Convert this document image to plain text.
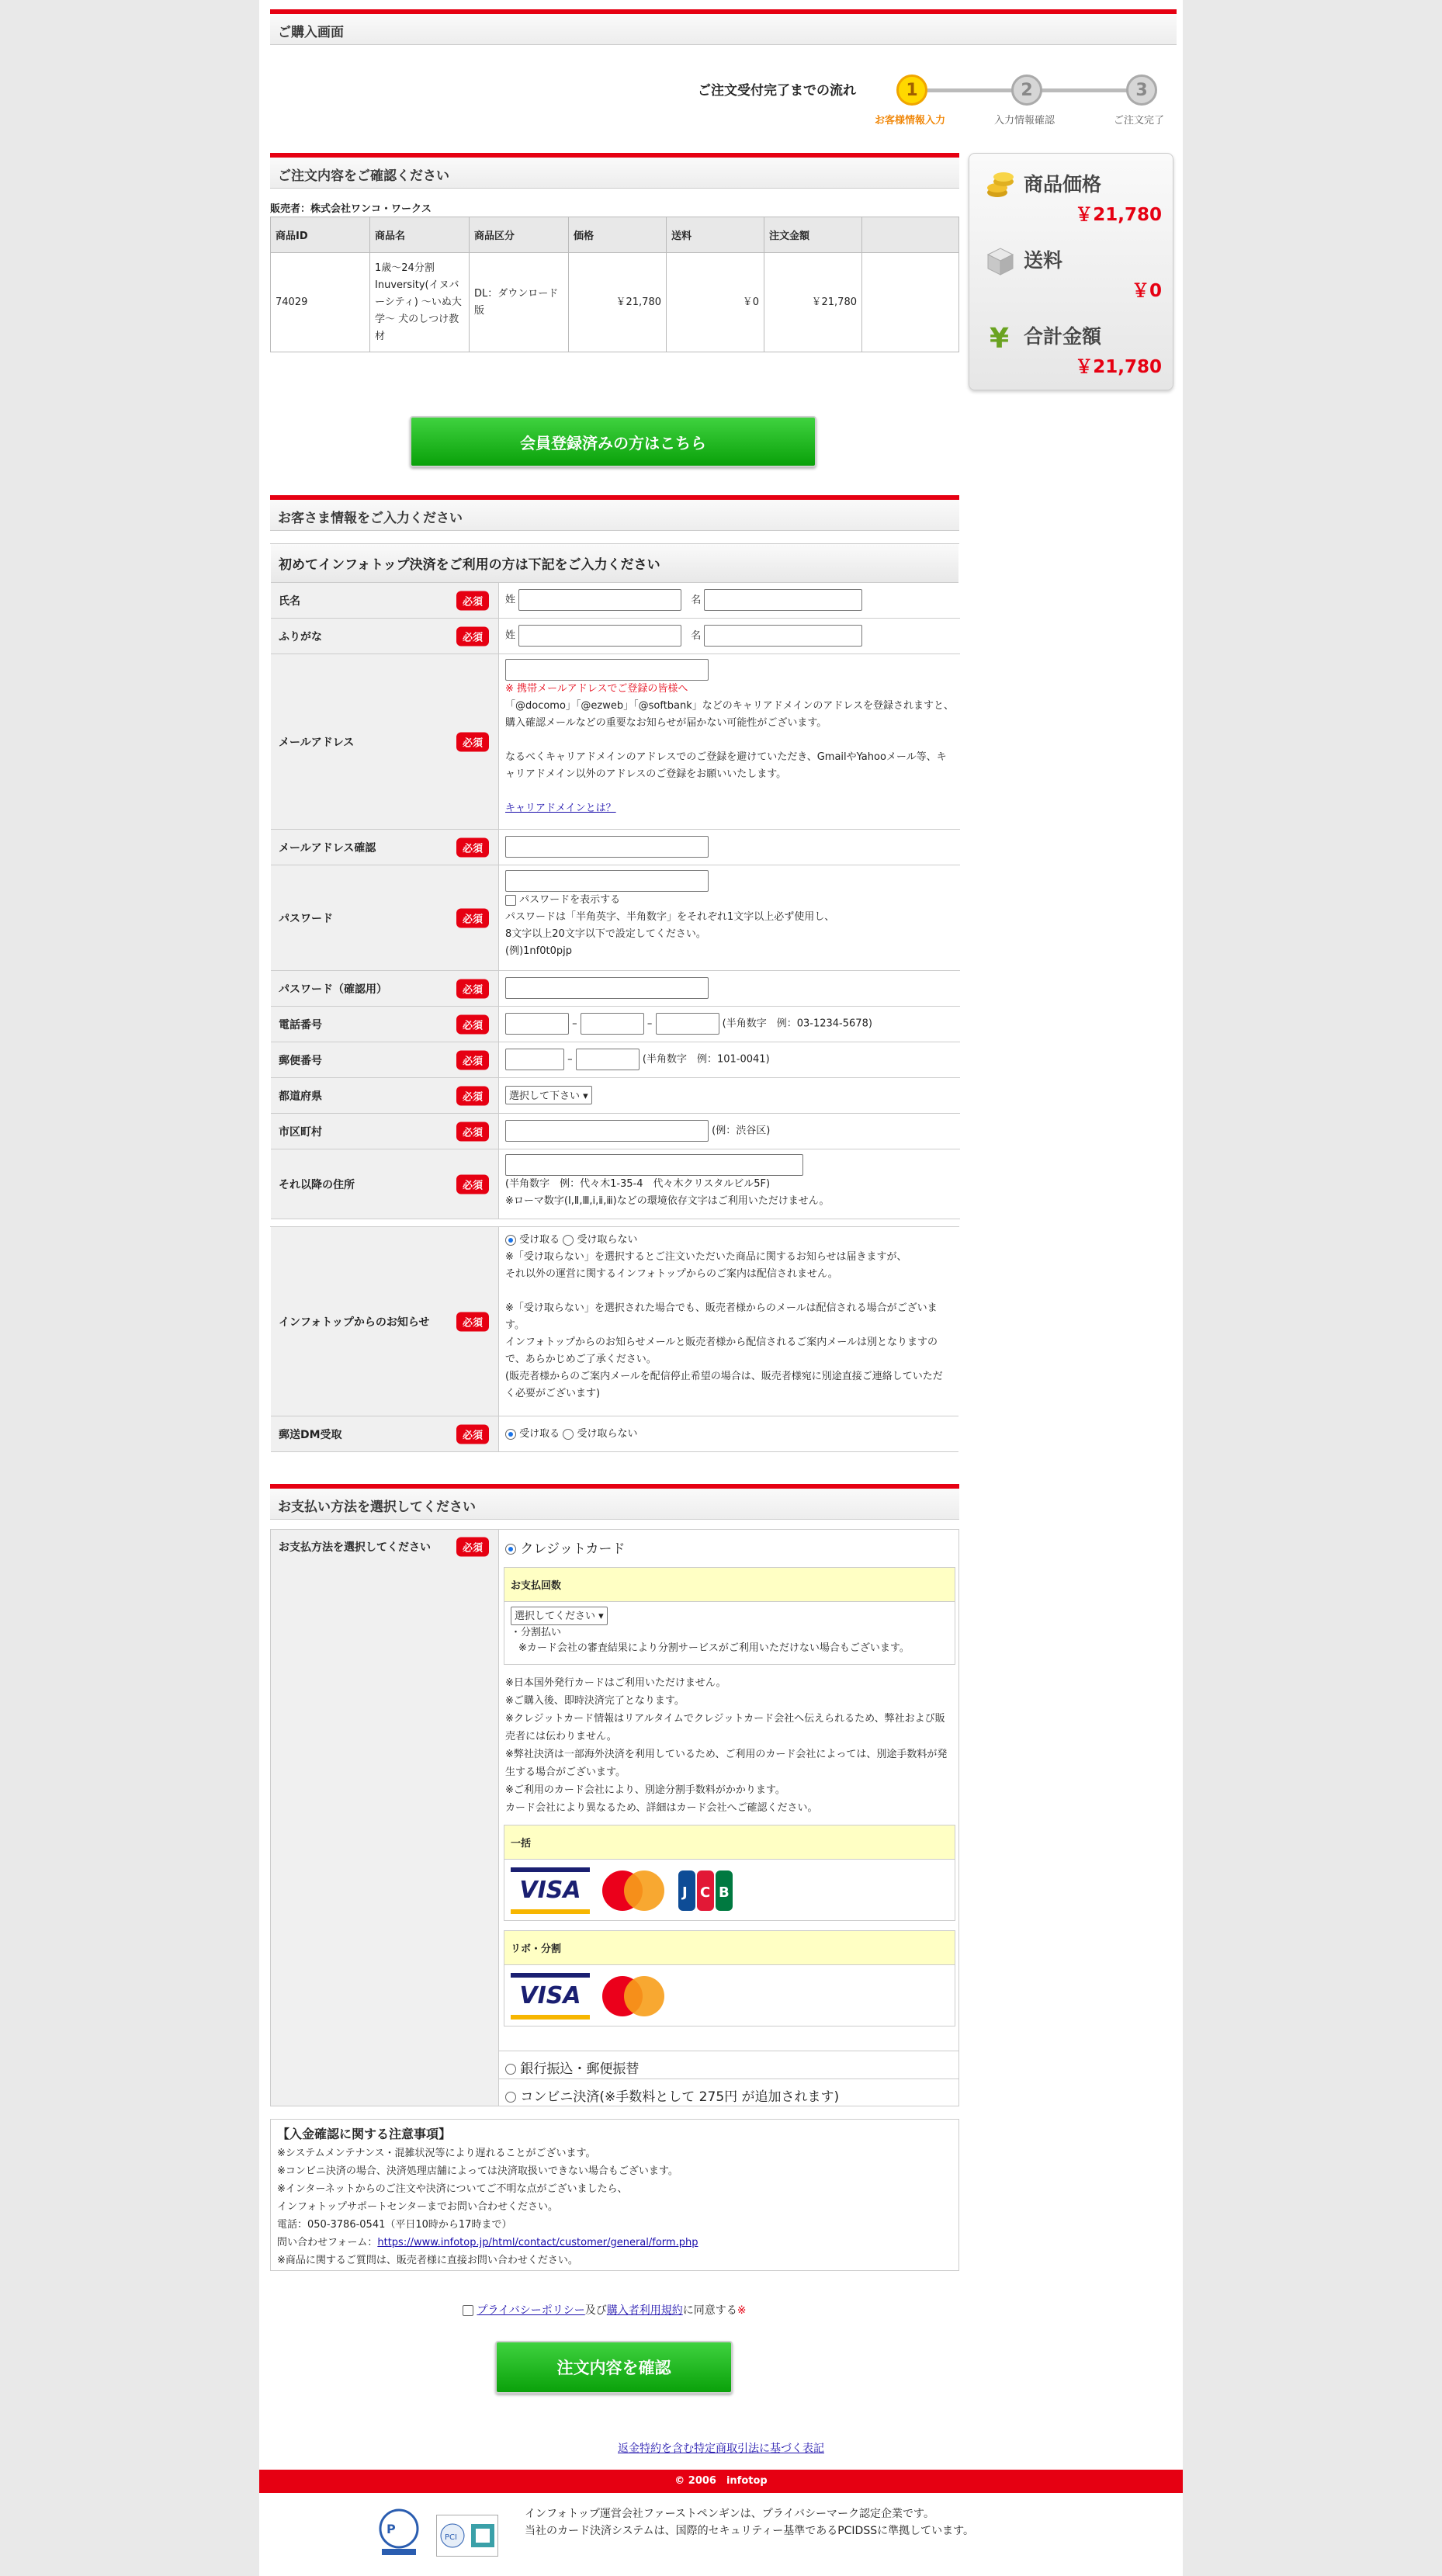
ご購入画面
ご注文受付完了までの流れ	1	2	3
お客様情報入力	入力情報確認	ご注文完了
ご注文内容をご確認ください
販売者：株式会社ワンコ・ワークス
商品ID	商品名	商品区分	価格	送料	注文金額	
74029	1歳〜24分割 Inuversity(イヌバーシティ) 〜いぬ大学〜 犬のしつけ教材	DL：ダウンロード版	￥21,780	￥0	￥21,780	
商品価格
￥21,780
送料
￥0
¥ 合計金額
￥21,780
会員登録済みの方はこちら
お客さま情報をご入力ください
初めてインフォトップ決済をご利用の方は下記をご入力ください
氏名	必須	姓	名
ふりがな	必須	姓	名
メールアドレス	必須
※ 携帯メールアドレスでご登録の皆様へ
「@docomo」「@ezweb」「@softbank」などのキャリアドメインのアドレスを登録されますと、購入確認メールなどの重要なお知らせが届かない可能性がございます。
なるべくキャリアドメインのアドレスでのご登録を避けていただき、GmailやYahooメール等、キャリアドメイン以外のアドレスのご登録をお願いいたします。
キャリアドメインとは？
メールアドレス確認	必須
パスワード	必須
パスワードを表示する
パスワードは「半角英字、半角数字」をそれぞれ1文字以上必ず使用し、
8文字以上20文字以下で設定してください。
(例)1nf0t0pjp
パスワード（確認用）	必須
電話番号	必須	–	–	(半角数字　例：03-1234-5678)
郵便番号	必須	–	(半角数字　例：101-0041)
都道府県	必須	選択して下さい ▾
市区町村	必須	(例：渋谷区)
それ以降の住所	必須	(半角数字　例：代々木1-35-4　代々木クリスタルビル5F)
※ローマ数字(Ⅰ,Ⅱ,Ⅲ,ⅰ,ⅱ,ⅲ)などの環境依存文字はご利用いただけません。
インフォトップからのお知らせ	必須
受け取る 受け取らない
※「受け取らない」を選択するとご注文いただいた商品に関するお知らせは届きますが、
それ以外の運営に関するインフォトップからのご案内は配信されません。
※「受け取らない」を選択された場合でも、販売者様からのメールは配信される場合がございます。
インフォトップからのお知らせメールと販売者様から配信されるご案内メールは別となりますので、あらかじめご了承ください。
(販売者様からのご案内メールを配信停止希望の場合は、販売者様宛に別途直接ご連絡していただく必要がございます)
郵送DM受取	必須	受け取る 受け取らない
お支払い方法を選択してください
お支払方法を選択してください	必須	クレジットカード
お支払回数
選択してください ▾
・分割払い
※カード会社の審査結果により分割サービスがご利用いただけない場合もございます。

※日本国外発行カードはご利用いただけません。

※ご購入後、即時決済完了となります。

※クレジットカード情報はリアルタイムでクレジットカード会社へ伝えられるため、弊社および販売者には伝わりません。

※弊社決済は一部海外決済を利用しているため、ご利用のカード会社によっては、別途手数料が発生する場合がございます。

※ご利用のカード会社により、別途分割手数料がかかります。

カード会社により異なるため、詳細はカード会社へご確認ください。

一括
VISA	J C B
リボ・分割
VISA
銀行振込・郵便振替
コンビニ決済(※手数料として 275円 が追加されます)
【入金確認に関する注意事項】

※システムメンテナンス・混雑状況等により遅れることがございます。

※コンビニ決済の場合、決済処理店舗によっては決済取扱いできない場合もございます。

※インターネットからのご注文や決済についてご不明な点がございましたら、

インフォトップサポートセンターまでお問い合わせください。

電話：050-3786-0541（平日10時から17時まで）

問い合わせフォーム：https://www.infotop.jp/html/contact/customer/general/form.php

※商品に関するご質問は、販売者様に直接お問い合わせください。

プライバシーポリシー及び購入者利用規約に同意する※
注文内容を確認
返金特約を含む特定商取引法に基づく表記
© 2006　infotop
P
PCI
インフォトップ運営会社ファーストペンギンは、プライバシーマーク認定企業です。
当社のカード決済システムは、国際的セキュリティー基準であるPCIDSSに準拠しています。
